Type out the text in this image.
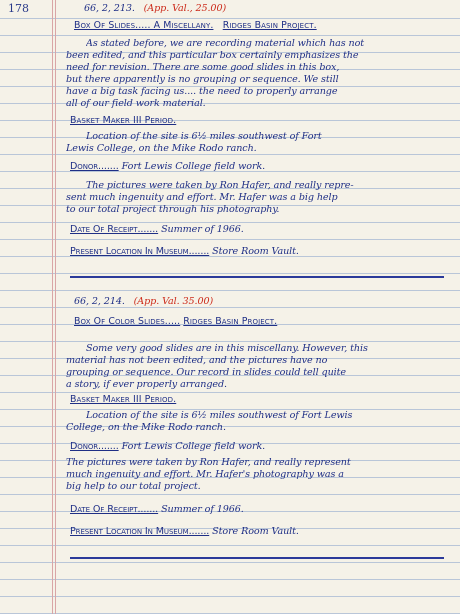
178	66, 2, 213. (App. Val., 25.00)
Box Of Slides..... A Miscellany. Ridges Basin Project.
As stated before, we are recording material which has not
been edited, and this particular box certainly emphasizes the
need for revision. There are some good slides in this box,
but there apparently is no grouping or sequence. We still
have a big task facing us.... the need to properly arrange
all of our field work material.
Basket Maker III Period.
Location of the site is 6½ miles southwest of Fort
Lewis College, on the Mike Rodo ranch.
Donor....... Fort Lewis College field work.
The pictures were taken by Ron Hafer, and really repre-
sent much ingenuity and effort. Mr. Hafer was a big help
to our total project through his photography.
Date Of Receipt....... Summer of 1966.
Present Location In Museum....... Store Room Vault.
66, 2, 214. (App. Val. 35.00)
Box Of Color Slides..... Ridges Basin Project.
Some very good slides are in this miscellany. However, this
material has not been edited, and the pictures have no
grouping or sequence. Our record in slides could tell quite
a story, if ever properly arranged.
Basket Maker III Period.
Location of the site is 6½ miles southwest of Fort Lewis
College, on the Mike Rodo ranch.
Donor....... Fort Lewis College field work.
The pictures were taken by Ron Hafer, and really represent
much ingenuity and effort. Mr. Hafer's photography was a
big help to our total project.
Date Of Receipt....... Summer of 1966.
Present Location In Museum....... Store Room Vault.
